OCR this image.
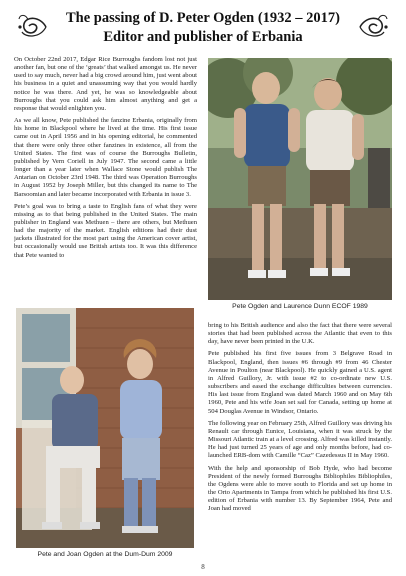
The passing of D. Peter Ogden (1932 – 2017)
Editor and publisher of Erbania

On October 22nd 2017, Edgar Rice Burroughs fandom lost not just another fan, but one of the ‘greats’ that walked amongst us. He never used to say much, never had a big crowd around him, just went about his business in a quiet and unassuming way that you would hardly notice he was there. And yet, he was so knowledgeable about Burroughs that you could ask him almost anything and get a response that would enlighten you.

As we all know, Pete published the fanzine Erbania, originally from his home in Blackpool where he lived at the time. His first issue came out in April 1956 and in his opening editorial, he commented that there were only three other fanzines in existence, all from the United States. The first was of course the Burroughs Bulletin, published by Vern Coriell in July 1947. The second came a little longer than a year later when Wallace Stone would publish The Antarian on October 23rd 1948. The third was Operation Burroughs in August 1952 by Joseph Miller, but this changed its name to The Barsoomian and later became incorporated with Erbania in issue 3.

Pete’s goal was to bring a taste to English fans of what they were missing as to that being published in the United States. The main publisher in England was Methuen – there are others, but Methuen had the majority of the market. English editions had their dust jackets illustrated for the most part using the American cover artist, but occasionally would use British artists too. It was this difference that Pete wanted to

Pete Ogden and Laurence Dunn ECOF 1989
Pete and Joan Ogden at the Dum-Dum 2009

bring to his British audience and also the fact that there were several stories that had been published across the Atlantic that even to this day, have never been printed in the U.K.

Pete published his first five issues from 3 Belgrave Road in Blackpool, England, then issues #6 through #9 from 46 Chester Avenue in Poulton (near Blackpool). He quickly gained a U.S. agent in Alfred Guillory, Jr. with issue #2 to co-ordinate new U.S. subscribers and eased the exchange difficulties between currencies. His last issue from England was dated March 1960 and on May 6th 1960, Pete and his wife Joan set sail for Canada, setting up home at 504 Douglas Avenue in Windsor, Ontario.

The following year on February 25th, Alfred Guillory was driving his Renault car through Eunice, Louisiana, when it was struck by the Missouri Atlantic train at a level crossing. Alfred was killed instantly. He had just turned 25 years of age and only months before, had co-launched ERB-dom with Camille “Caz” Cazedessus II in May 1960.

With the help and sponsorship of Bob Hyde, who had become President of the newly formed Burroughs Bibliophiles Bibliophiles, the Ogdens were able to move south to Florida and set up home in the Orto Apartments in Tampa from which he published his first U.S. edition of Erbania with number 13. By September 1964, Pete and Joan had moved

8
